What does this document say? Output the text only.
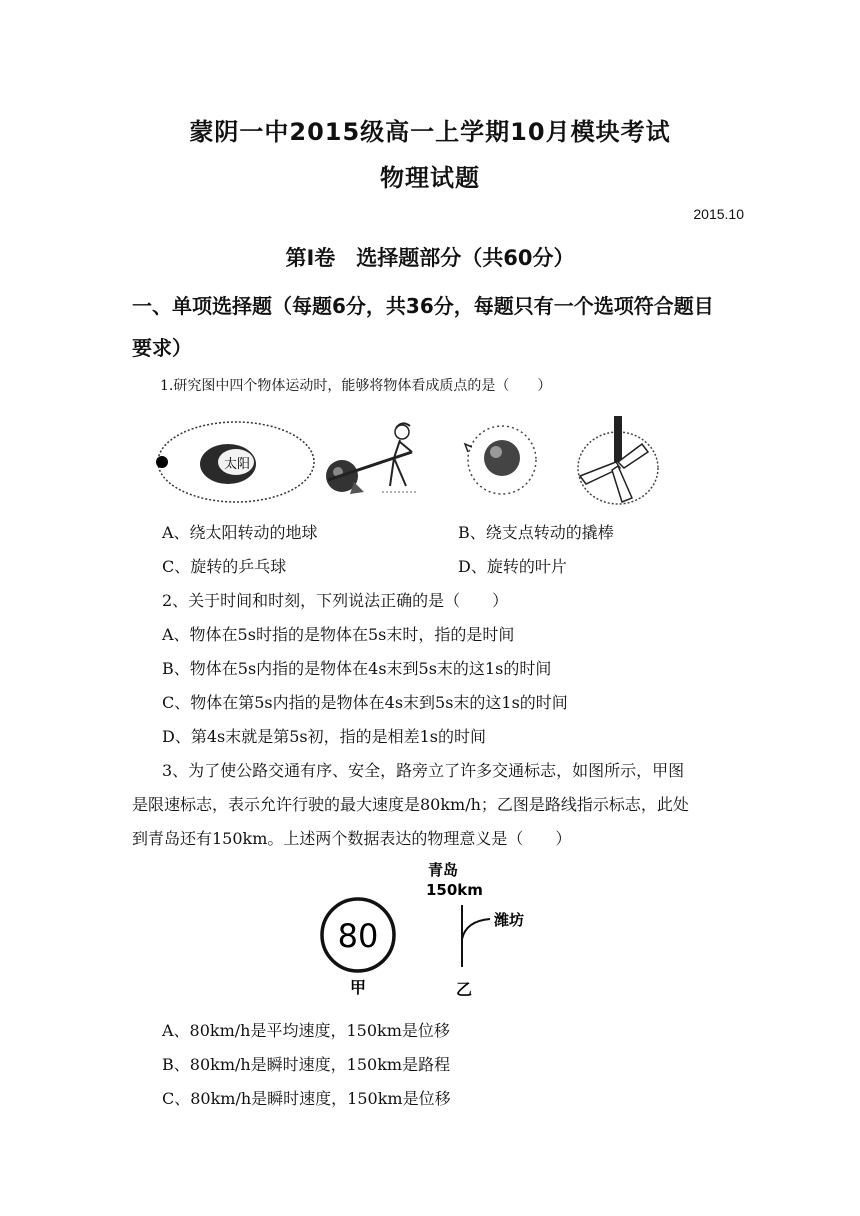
蒙阴一中2015级高一上学期10月模块考试
物理试题
2015.10
第I卷　选择题部分（共60分）
一、单项选择题（每题6分，共36分，每题只有一个选项符合题目
要求）
1.研究图中四个物体运动时，能够将物体看成质点的是（　　）
太阳
A、绕太阳转动的地球	B、绕支点转动的撬棒
C、旋转的乒乓球	D、旋转的叶片
2、关于时间和时刻，下列说法正确的是（　　）
A、物体在5s时指的是物体在5s末时，指的是时间
B、物体在5s内指的是物体在4s末到5s末的这1s的时间
C、物体在第5s内指的是物体在4s末到5s末的这1s的时间
D、第4s末就是第5s初，指的是相差1s的时间
3、为了使公路交通有序、安全，路旁立了许多交通标志，如图所示，甲图
是限速标志，表示允许行驶的最大速度是80km/h；乙图是路线指示标志，此处
到青岛还有150km。上述两个数据表达的物理意义是（　　）
80
甲
青岛
150km
潍坊
乙
A、80km/h是平均速度，150km是位移
B、80km/h是瞬时速度，150km是路程
C、80km/h是瞬时速度，150km是位移
